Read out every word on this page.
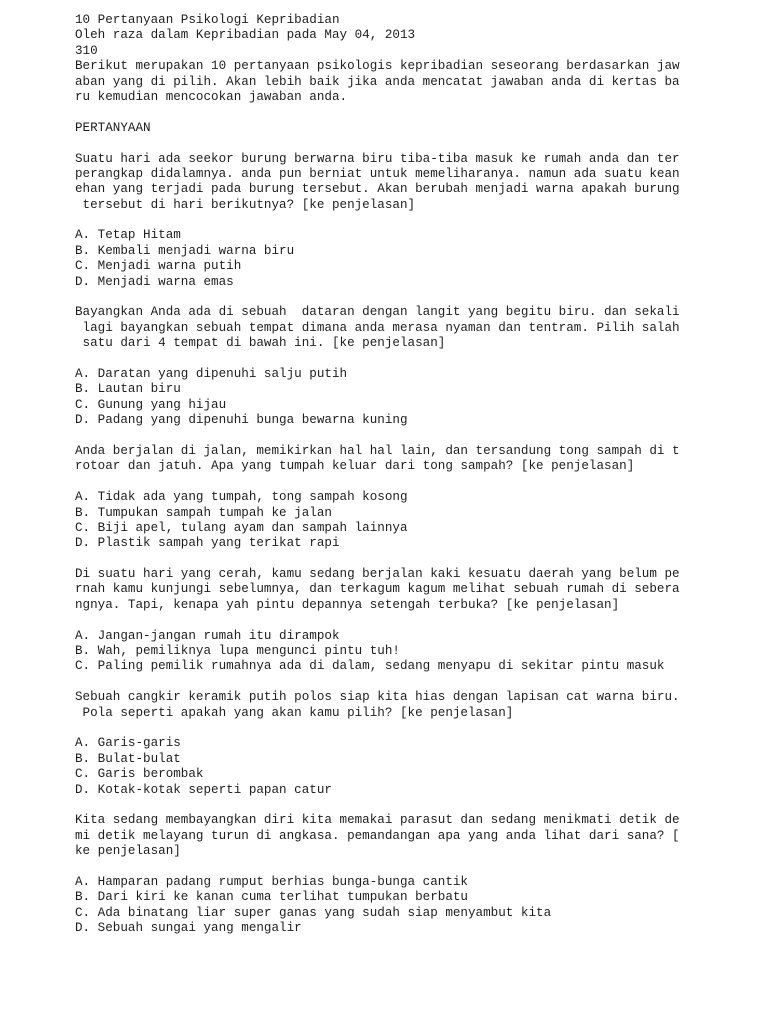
10 Pertanyaan Psikologi Kepribadian
Oleh raza dalam Kepribadian pada May 04, 2013
310
Berikut merupakan 10 pertanyaan psikologis kepribadian seseorang berdasarkan jaw
aban yang di pilih. Akan lebih baik jika anda mencatat jawaban anda di kertas ba
ru kemudian mencocokan jawaban anda.
PERTANYAAN
Suatu hari ada seekor burung berwarna biru tiba-tiba masuk ke rumah anda dan ter
perangkap didalamnya. anda pun berniat untuk memeliharanya. namun ada suatu kean
ehan yang terjadi pada burung tersebut. Akan berubah menjadi warna apakah burung
tersebut di hari berikutnya? [ke penjelasan]
A. Tetap Hitam
B. Kembali menjadi warna biru
C. Menjadi warna putih
D. Menjadi warna emas
Bayangkan Anda ada di sebuah  dataran dengan langit yang begitu biru. dan sekali
lagi bayangkan sebuah tempat dimana anda merasa nyaman dan tentram. Pilih salah
satu dari 4 tempat di bawah ini. [ke penjelasan]
A. Daratan yang dipenuhi salju putih
B. Lautan biru
C. Gunung yang hijau
D. Padang yang dipenuhi bunga bewarna kuning
Anda berjalan di jalan, memikirkan hal hal lain, dan tersandung tong sampah di t
rotoar dan jatuh. Apa yang tumpah keluar dari tong sampah? [ke penjelasan]
A. Tidak ada yang tumpah, tong sampah kosong
B. Tumpukan sampah tumpah ke jalan
C. Biji apel, tulang ayam dan sampah lainnya
D. Plastik sampah yang terikat rapi
Di suatu hari yang cerah, kamu sedang berjalan kaki kesuatu daerah yang belum pe
rnah kamu kunjungi sebelumnya, dan terkagum kagum melihat sebuah rumah di sebera
ngnya. Tapi, kenapa yah pintu depannya setengah terbuka? [ke penjelasan]
A. Jangan-jangan rumah itu dirampok
B. Wah, pemiliknya lupa mengunci pintu tuh!
C. Paling pemilik rumahnya ada di dalam, sedang menyapu di sekitar pintu masuk
Sebuah cangkir keramik putih polos siap kita hias dengan lapisan cat warna biru.
Pola seperti apakah yang akan kamu pilih? [ke penjelasan]
A. Garis-garis
B. Bulat-bulat
C. Garis berombak
D. Kotak-kotak seperti papan catur
Kita sedang membayangkan diri kita memakai parasut dan sedang menikmati detik de
mi detik melayang turun di angkasa. pemandangan apa yang anda lihat dari sana? [
ke penjelasan]
A. Hamparan padang rumput berhias bunga-bunga cantik
B. Dari kiri ke kanan cuma terlihat tumpukan berbatu
C. Ada binatang liar super ganas yang sudah siap menyambut kita
D. Sebuah sungai yang mengalir
